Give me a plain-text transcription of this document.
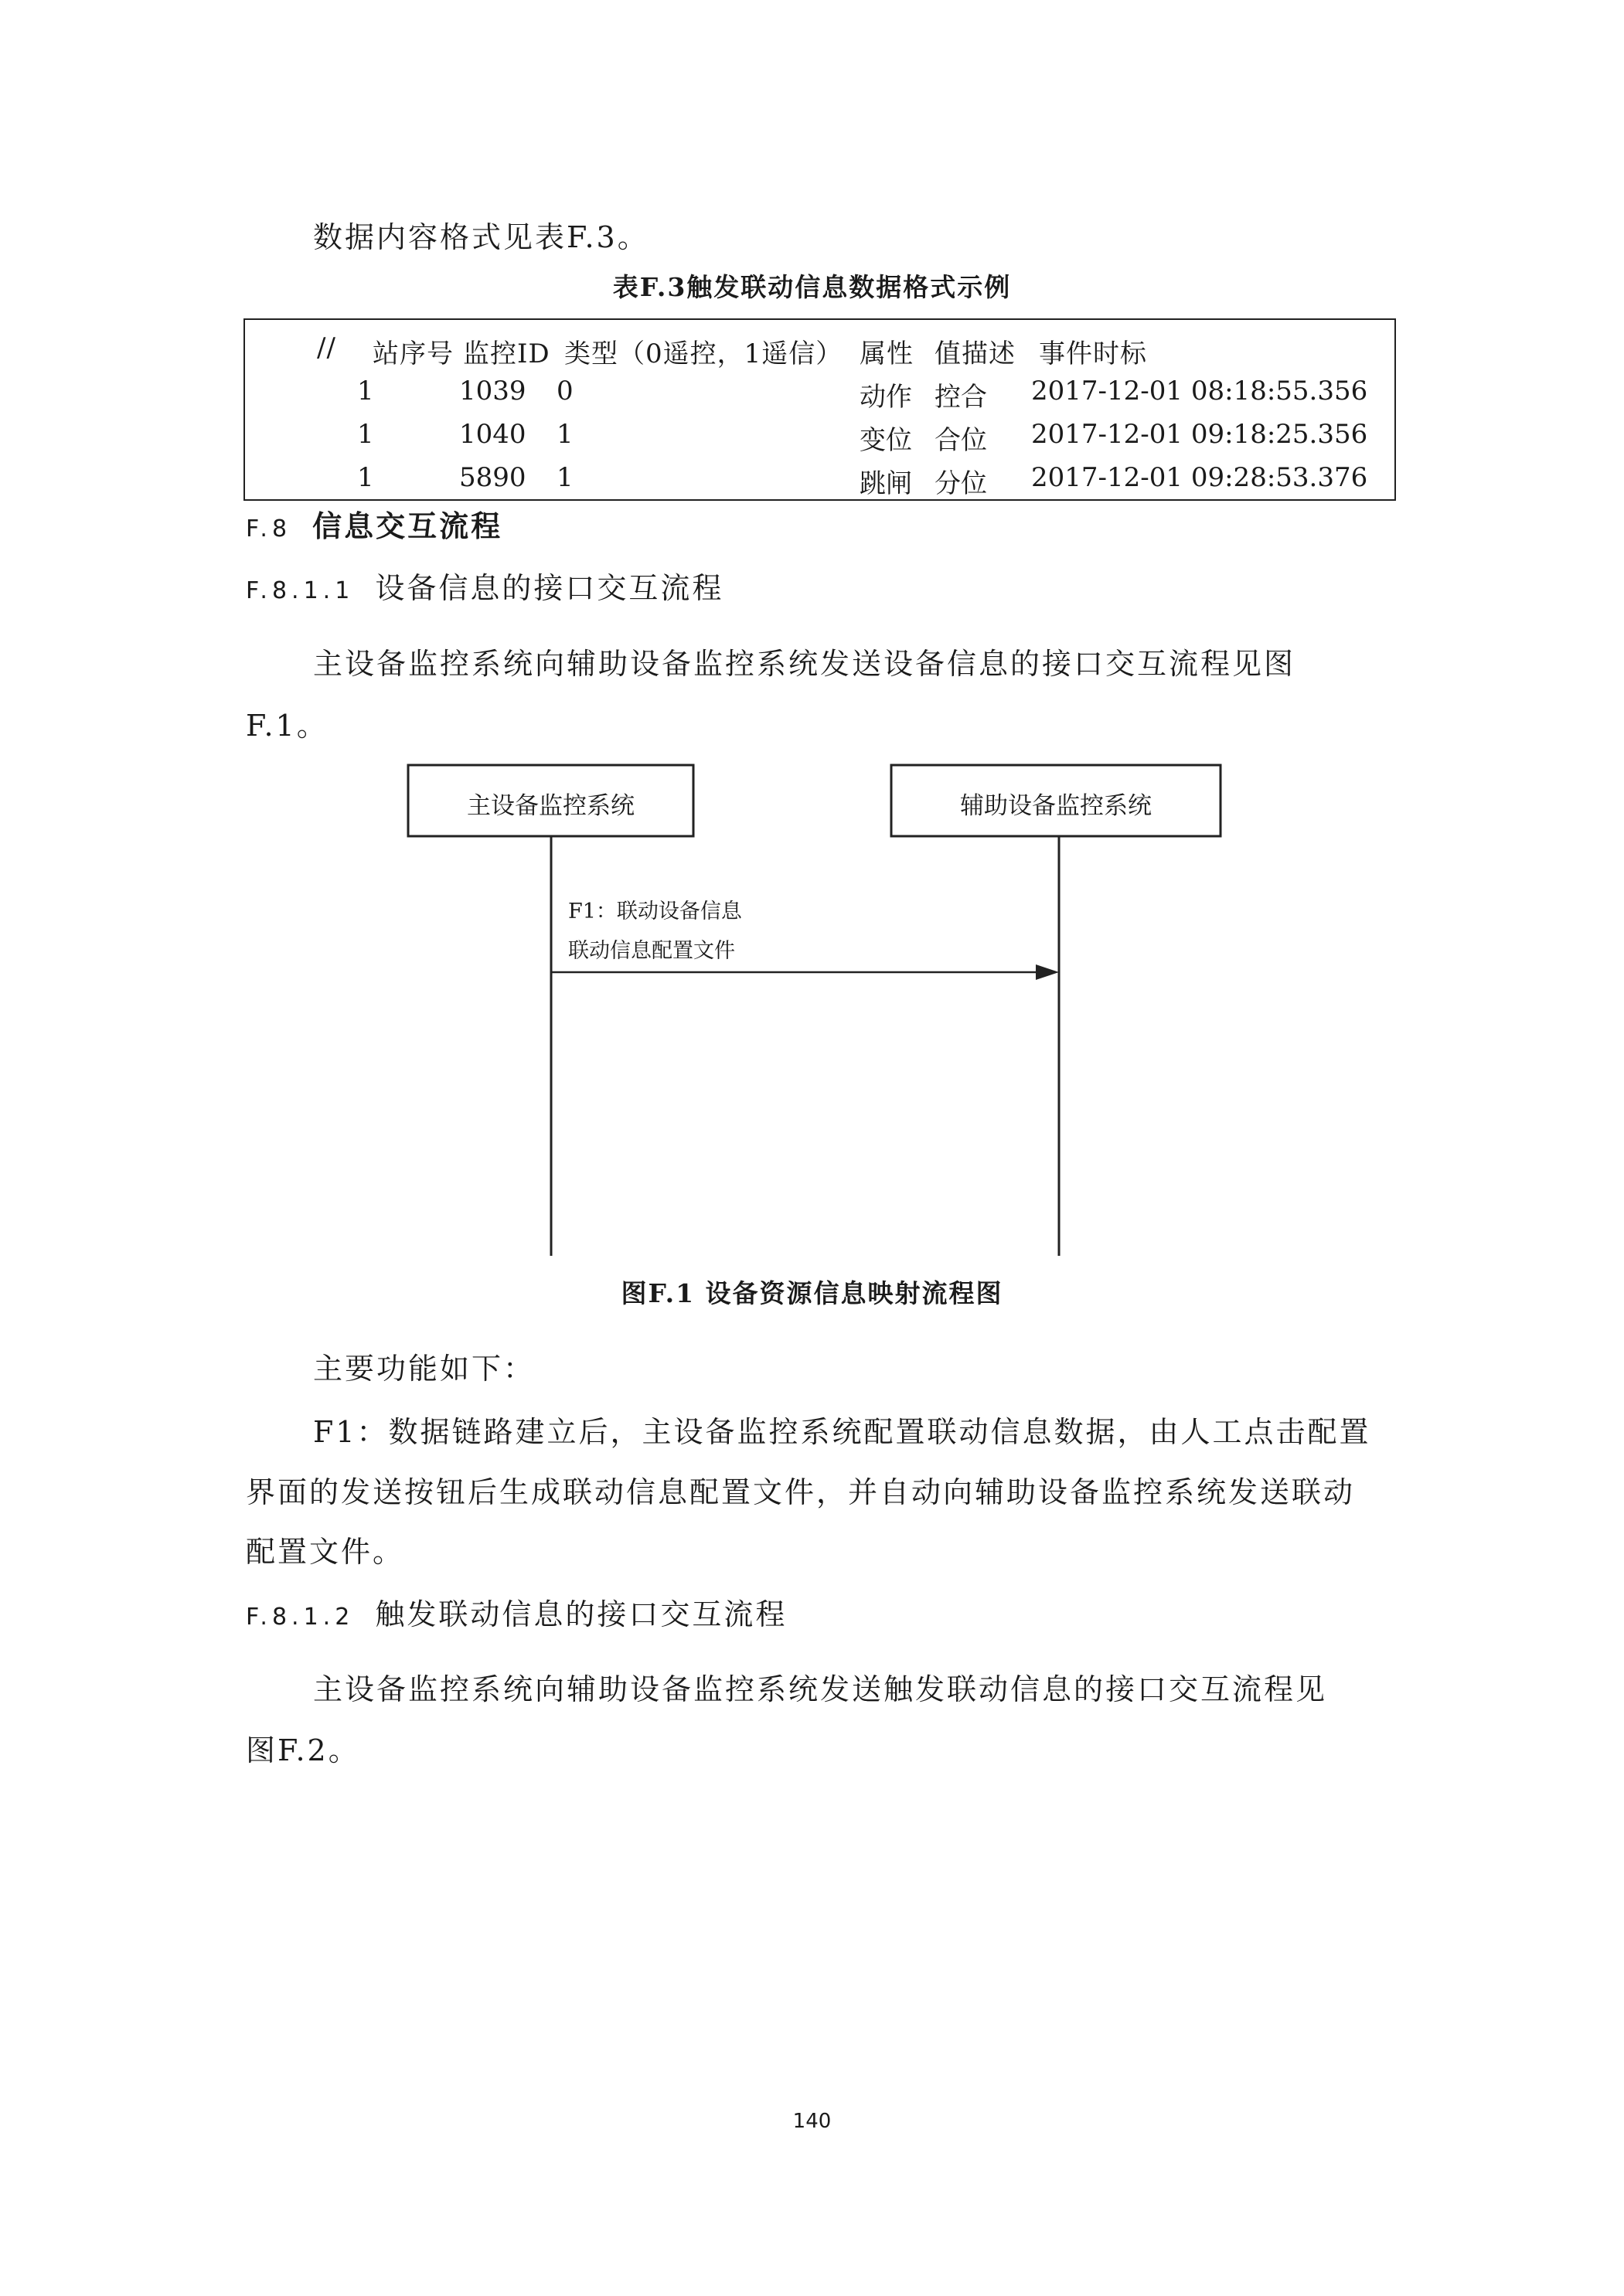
数据内容格式见表F.3。
表F.3触发联动信息数据格式示例
// 站序号 监控ID 类型（0遥控，1遥信） 属性 值描述 事件时标
1	1039 0	动作 控合 2017-12-01 08:18:55.356
1	1040 1	变位 合位 2017-12-01 09:18:25.356
1	5890 1	跳闸 分位 2017-12-01 09:28:53.376
F.8 信息交互流程
F.8.1.1 设备信息的接口交互流程
主设备监控系统向辅助设备监控系统发送设备信息的接口交互流程见图
F.1。
主设备监控系统	辅助设备监控系统
F1：联动设备信息
联动信息配置文件
图F.1 设备资源信息映射流程图
主要功能如下：
F1：数据链路建立后，主设备监控系统配置联动信息数据，由人工点击配置
界面的发送按钮后生成联动信息配置文件，并自动向辅助设备监控系统发送联动
配置文件。
F.8.1.2 触发联动信息的接口交互流程
主设备监控系统向辅助设备监控系统发送触发联动信息的接口交互流程见
图F.2。
140
